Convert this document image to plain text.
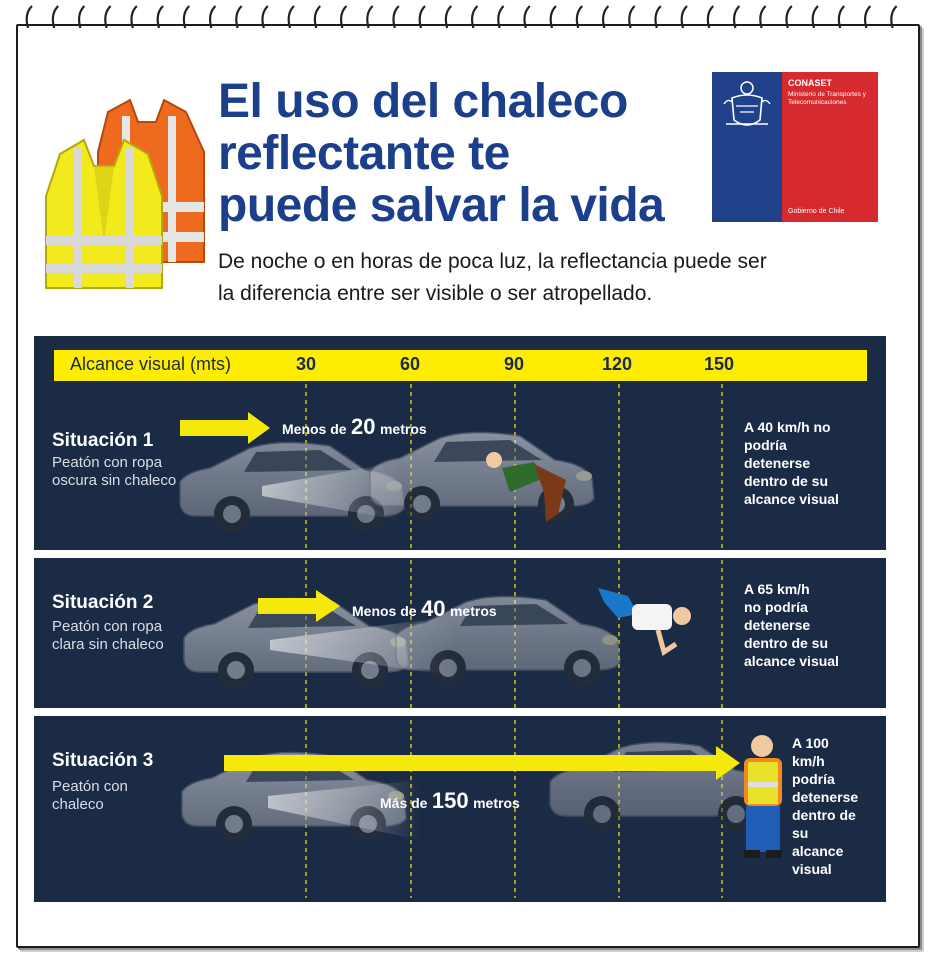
El uso del chaleco
reflectante te
puede salvar la vida
CONASET
Ministerio de Transportes y Telecomunicaciones
Gobierno de Chile
De noche o en horas de poca luz, la reflectancia puede ser
la diferencia entre ser visible o ser atropellado.
Alcance visual (mts)	30	60	90	120	150
Situación 1
Peatón con ropa
oscura sin chaleco
Menos de 20 metros	A 40 km/h no
podría
detenerse
dentro de su
alcance visual
Situación 2
Peatón con ropa
clara sin chaleco
Menos de 40 metros
A 65 km/h
no podría
detenerse
dentro de su
alcance visual
Situación 3
Peatón con
chaleco	Más de 150 metros
A 100
km/h
podría
detenerse
dentro de
su
alcance
visual
